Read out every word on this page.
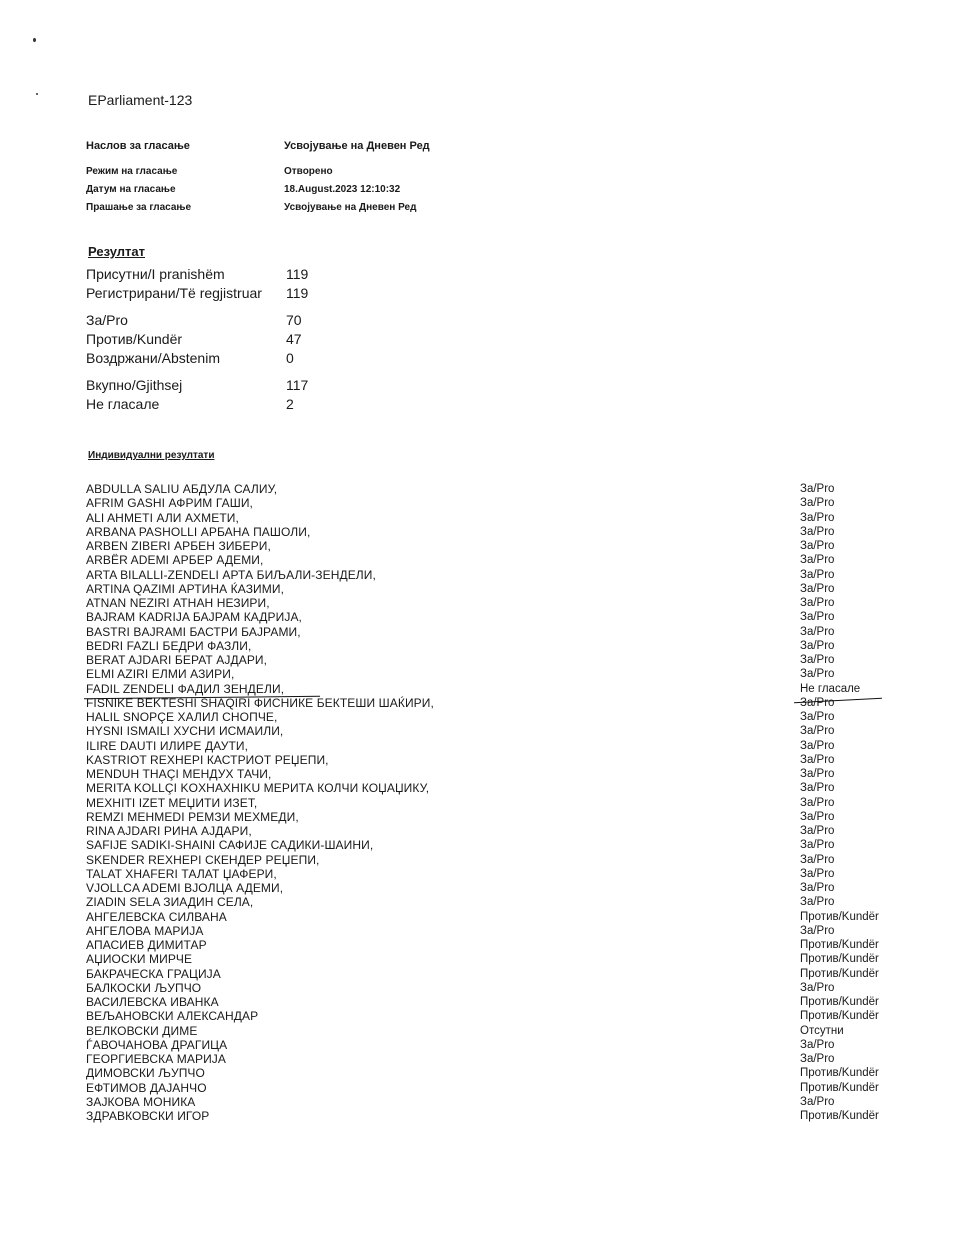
EParliament-123
Наслов за гласање	Усвојување на Дневен Ред
Режим на гласање	Отворено
Датум на гласање	18.August.2023 12:10:32
Прашање за гласање	Усвојување на Дневен Ред
Резултат
Присутни/I pranishëm	119
Регистрирани/Të regjistruar 119
За/Pro	70
Против/Kundër	47
Воздржани/Abstenim	0
Вкупно/Gjithsej	117
Не гласале	2
Индивидуални резултати
ABDULLA SALIU АБДУЛА САЛИУ,	За/Pro
AFRIM GASHI АФРИМ ГАШИ,	За/Pro
ALI AHMETI АЛИ АХМЕТИ,	За/Pro
ARBANA PASHOLLI АРБАНА ПАШОЛИ,	За/Pro
ARBEN ZIBERI АРБЕН ЗИБЕРИ,	За/Pro
ARBËR ADEMI АРБЕР АДЕМИ,	За/Pro
ARTA BILALLI-ZENDELI АРТА БИЉАЛИ-ЗЕНДЕЛИ,	За/Pro
ARTINA QAZIMI АРТИНА ЌАЗИМИ,	За/Pro
ATNAN NEZIRI АТНАН НЕЗИРИ,	За/Pro
BAJRAM KADRIJA БАЈРАМ КАДРИЈА,	За/Pro
BASTRI BAJRAMI БАСТРИ БАЈРАМИ,	За/Pro
BEDRI FAZLI БЕДРИ ФАЗЛИ,	За/Pro
BERAT AJDARI БЕРАТ АЈДАРИ,	За/Pro
ELMI AZIRI ЕЛМИ АЗИРИ,	За/Pro
FADIL ZENDELI ФАДИЛ ЗЕНДЕЛИ,	Не гласале
FISNIKE BEKTESHI SHAQIRI ФИСНИКЕ БЕКТЕШИ ШАЌИРИ,	За/Pro
HALIL SNOPÇE ХАЛИЛ СНОПЧЕ,	За/Pro
HYSNI ISMAILI ХУСНИ ИСМАИЛИ,	За/Pro
ILIRE DAUTI ИЛИРЕ ДАУТИ,	За/Pro
KASTRIOT REXHEPI КАСТРИОТ РЕЏЕПИ,	За/Pro
MENDUH THAÇI МЕНДУХ ТАЧИ,	За/Pro
MERITA KOLLÇI KOXHAXHIKU МЕРИТА КОЛЧИ КОЏАЏИКУ,	За/Pro
MEXHITI IZET МЕЏИТИ ИЗЕТ,	За/Pro
REMZI MEHMEDI РЕМЗИ МЕХМЕДИ,	За/Pro
RINA AJDARI РИНА АЈДАРИ,	За/Pro
SAFIJE SADIKI-SHAINI САФИЈЕ САДИКИ-ШАИНИ,	За/Pro
SKENDER REXHEPI СКЕНДЕР РЕЏЕПИ,	За/Pro
TALAT XHAFERI ТАЛАТ ЏАФЕРИ,	За/Pro
VJOLLCA ADEMI ВЈОЛЦА АДЕМИ,	За/Pro
ZIADIN SELA ЗИАДИН СЕЛА,	За/Pro
АНГЕЛЕВСКА СИЛВАНА	Против/Kundër
АНГЕЛОВА МАРИЈА	За/Pro
АПАСИЕВ ДИМИТАР	Против/Kundër
АЏИОСКИ МИРЧЕ	Против/Kundër
БАКРАЧЕСКА ГРАЦИЈА	Против/Kundër
БАЛКОСКИ ЉУПЧО	За/Pro
ВАСИЛЕВСКА ИВАНКА	Против/Kundër
ВЕЉАНОВСКИ АЛЕКСАНДАР	Против/Kundër
ВЕЛКОВСКИ ДИМЕ	Отсутни
ЃАВОЧАНОВА ДРАГИЦА	За/Pro
ГЕОРГИЕВСКА МАРИЈА	За/Pro
ДИМОВСКИ ЉУПЧО	Против/Kundër
ЕФТИМОВ ДАЈАНЧО	Против/Kundër
ЗАЈКОВА МОНИКА	За/Pro
ЗДРАВКОВСКИ ИГОР	Против/Kundër
